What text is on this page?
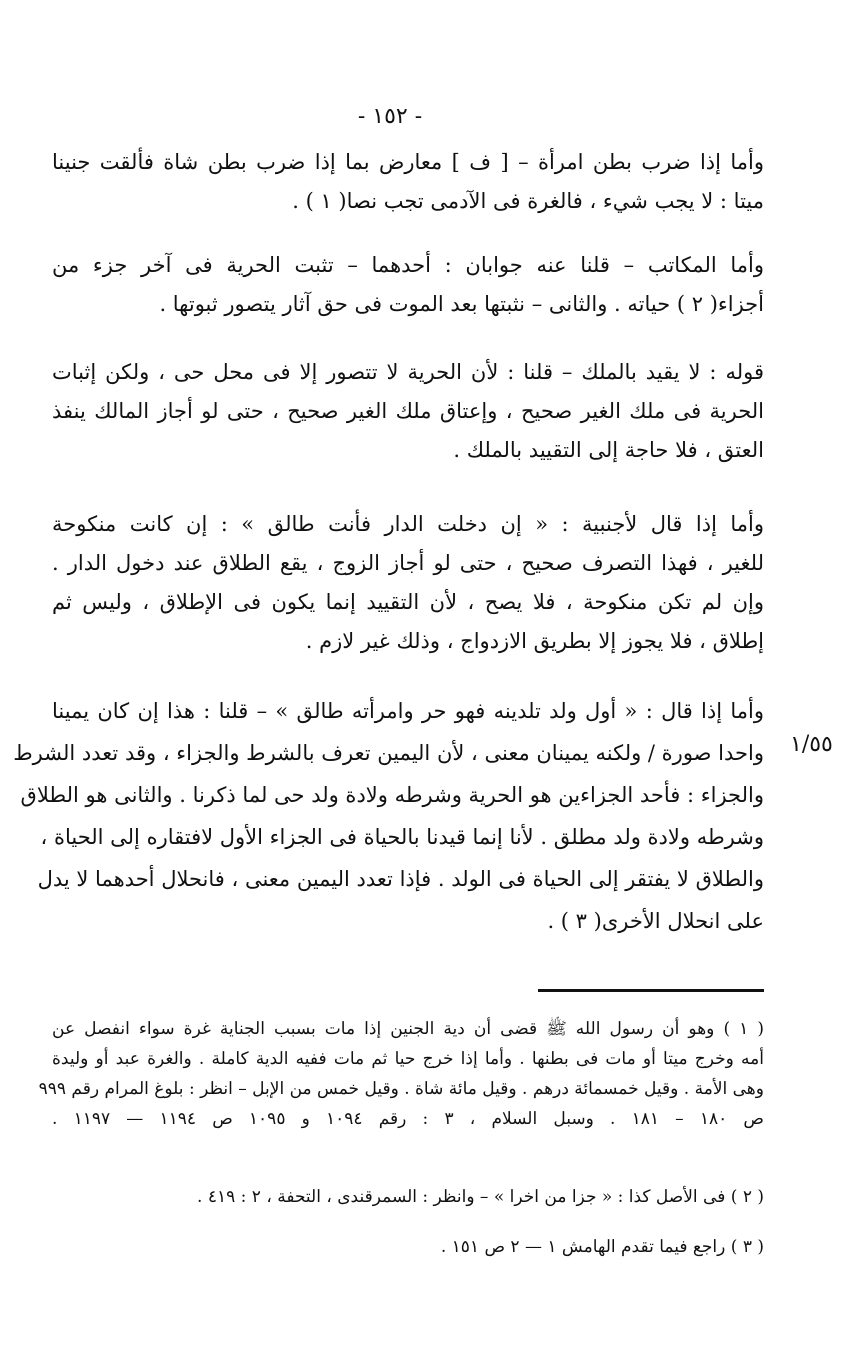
- ١٥٢ -
وأما إذا ضرب بطن امرأة – [ ف ] معارض بما إذا ضرب بطن شاة فألقت جنينا
ميتا : لا يجب شيء ، فالغرة فى الآدمى تجب نصا( ١ ) .
وأما المكاتب – قلنا عنه جوابان : أحدهما – تثبت الحرية فى آخر جزء من
أجزاء( ٢ ) حياته . والثانى – نثبتها بعد الموت فى حق آثار يتصور ثبوتها .
قوله : لا يقيد بالملك – قلنا : لأن الحرية لا تتصور إلا فى محل حى ، ولكن إثبات
الحرية فى ملك الغير صحيح ، وإعتاق ملك الغير صحيح ، حتى لو أجاز المالك ينفذ
العتق ، فلا حاجة إلى التقييد بالملك .
وأما إذا قال لأجنبية : « إن دخلت الدار فأنت طالق » : إن كانت منكوحة
للغير ، فهذا التصرف صحيح ، حتى لو أجاز الزوج ، يقع الطلاق عند دخول الدار .
وإن لم تكن منكوحة ، فلا يصح ، لأن التقييد إنما يكون فى الإطلاق ، وليس ثم
إطلاق ، فلا يجوز إلا بطريق الازدواج ، وذلك غير لازم .
١/٥٥
وأما إذا قال : « أول ولد تلدينه فهو حر وامرأته طالق » – قلنا : هذا إن كان يمينا
واحدا صورة / ولكنه يمينان معنى ، لأن اليمين تعرف بالشرط والجزاء ، وقد تعدد الشرط
والجزاء : فأحد الجزاءين هو الحرية وشرطه ولادة ولد حى لما ذكرنا . والثانى هو الطلاق
وشرطه ولادة ولد مطلق . لأنا إنما قيدنا بالحياة فى الجزاء الأول لافتقاره إلى الحياة ،
والطلاق لا يفتقر إلى الحياة فى الولد . فإذا تعدد اليمين معنى ، فانحلال أحدهما لا يدل
على انحلال الأخرى( ٣ ) .
( ١ ) وهو أن رسول الله ﷺ قضى أن دية الجنين إذا مات بسبب الجناية غرة سواء انفصل عن
أمه وخرج ميتا أو مات فى بطنها . وأما إذا خرج حيا ثم مات ففيه الدية كاملة . والغرة عبد أو وليدة
وهى الأمة . وقيل خمسمائة درهم . وقيل مائة شاة . وقيل خمس من الإبل – انظر : بلوغ المرام رقم ٩٩٩
ص ١٨٠ – ١٨١ . وسبل السلام ، ٣ : رقم ١٠٩٤ و ١٠٩٥ ص ١١٩٤ — ١١٩٧ .
( ٢ ) فى الأصل كذا : « جزا من اخرا » – وانظر : السمرقندى ، التحفة ، ٢ : ٤١٩ .
( ٣ ) راجع فيما تقدم الهامش ١ — ٢ ص ١٥١ .
